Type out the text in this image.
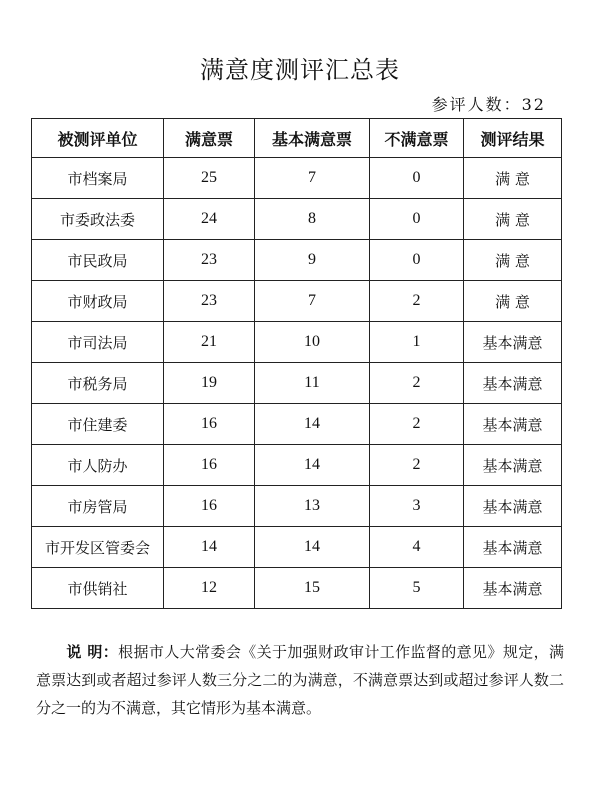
满意度测评汇总表
参评人数：32
被测评单位	满意票	基本满意票	不满意票	测评结果
市档案局	25	7	0	满 意
市委政法委	24	8	0	满 意
市民政局	23	9	0	满 意
市财政局	23	7	2	满 意
市司法局	21	10	1	基本满意
市税务局	19	11	2	基本满意
市住建委	16	14	2	基本满意
市人防办	16	14	2	基本满意
市房管局	16	13	3	基本满意
市开发区管委会	14	14	4	基本满意
市供销社	12	15	5	基本满意
说 明：根据市人大常委会《关于加强财政审计工作监督的意见》规定，满意票达到或者超过参评人数三分之二的为满意，不满意票达到或超过参评人数二分之一的为不满意，其它情形为基本满意。
